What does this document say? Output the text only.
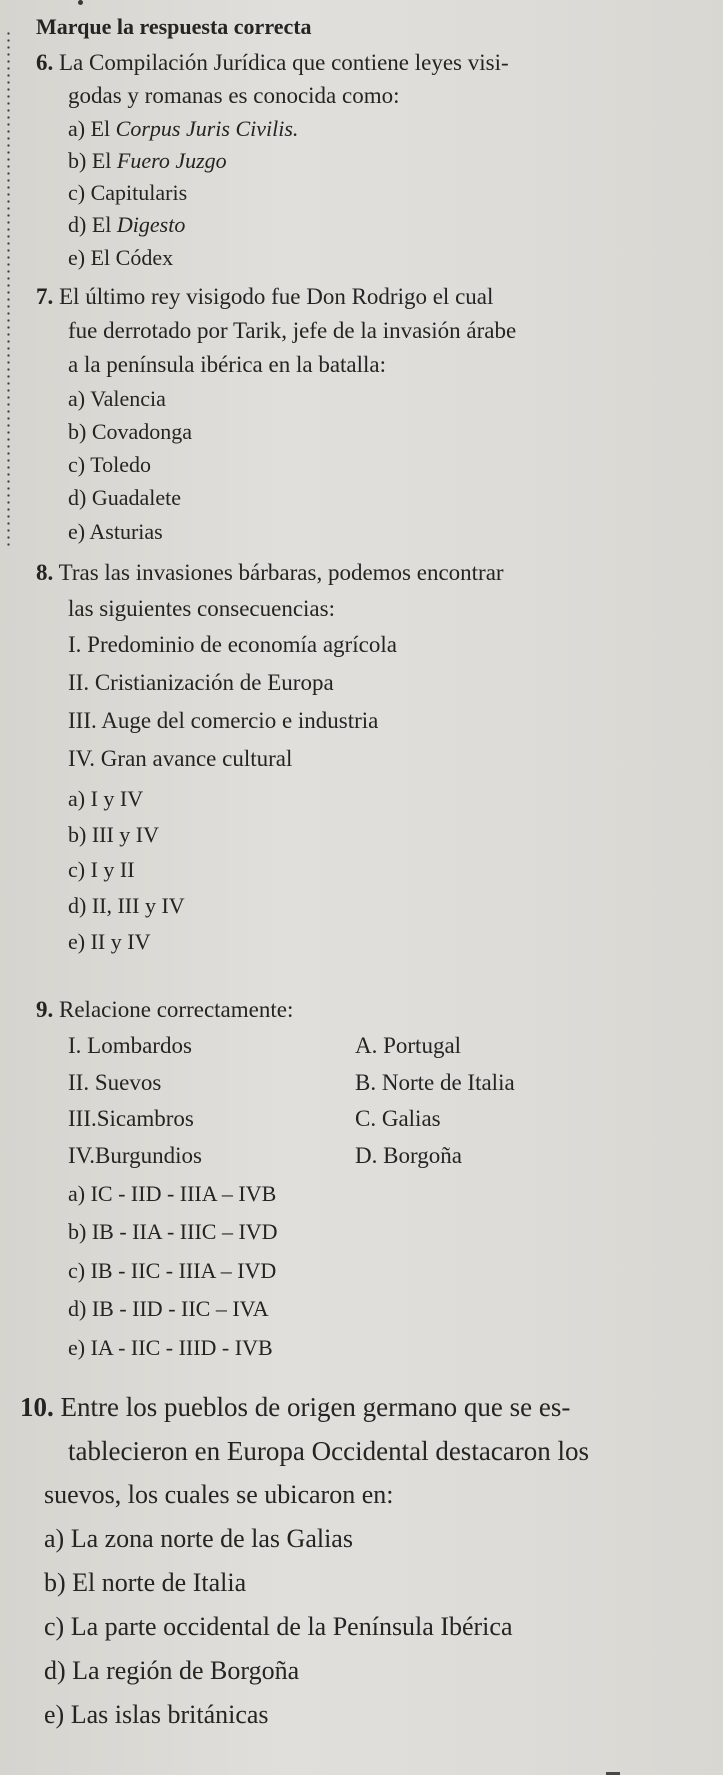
Marque la respuesta correcta
6. La Compilación Jurídica que contiene leyes visi-
godas y romanas es conocida como:
a) El Corpus Juris Civilis.
b) El Fuero Juzgo
c) Capitularis
d) El Digesto
e) El Códex
7. El último rey visigodo fue Don Rodrigo el cual
fue derrotado por Tarik, jefe de la invasión árabe
a la península ibérica en la batalla:
a) Valencia
b) Covadonga
c) Toledo
d) Guadalete
e) Asturias
8. Tras las invasiones bárbaras, podemos encontrar
las siguientes consecuencias:
I. Predominio de economía agrícola
II. Cristianización de Europa
III. Auge del comercio e industria
IV. Gran avance cultural
a) I y IV
b) III y IV
c) I y II
d) II, III y IV
e) II y IV
9. Relacione correctamente:
I. Lombardos
II. Suevos
III.Sicambros
IV.Burgundios
A. Portugal
B. Norte de Italia
C. Galias
D. Borgoña
a) IC - IID - IIIA – IVB
b) IB - IIA - IIIC – IVD
c) IB - IIC - IIIA – IVD
d) IB - IID - IIC – IVA
e) IA - IIC - IIID - IVB
10. Entre los pueblos de origen germano que se es-
tablecieron en Europa Occidental destacaron los
suevos, los cuales se ubicaron en:
a) La zona norte de las Galias
b) El norte de Italia
c) La parte occidental de la Península Ibérica
d) La región de Borgoña
e) Las islas británicas
